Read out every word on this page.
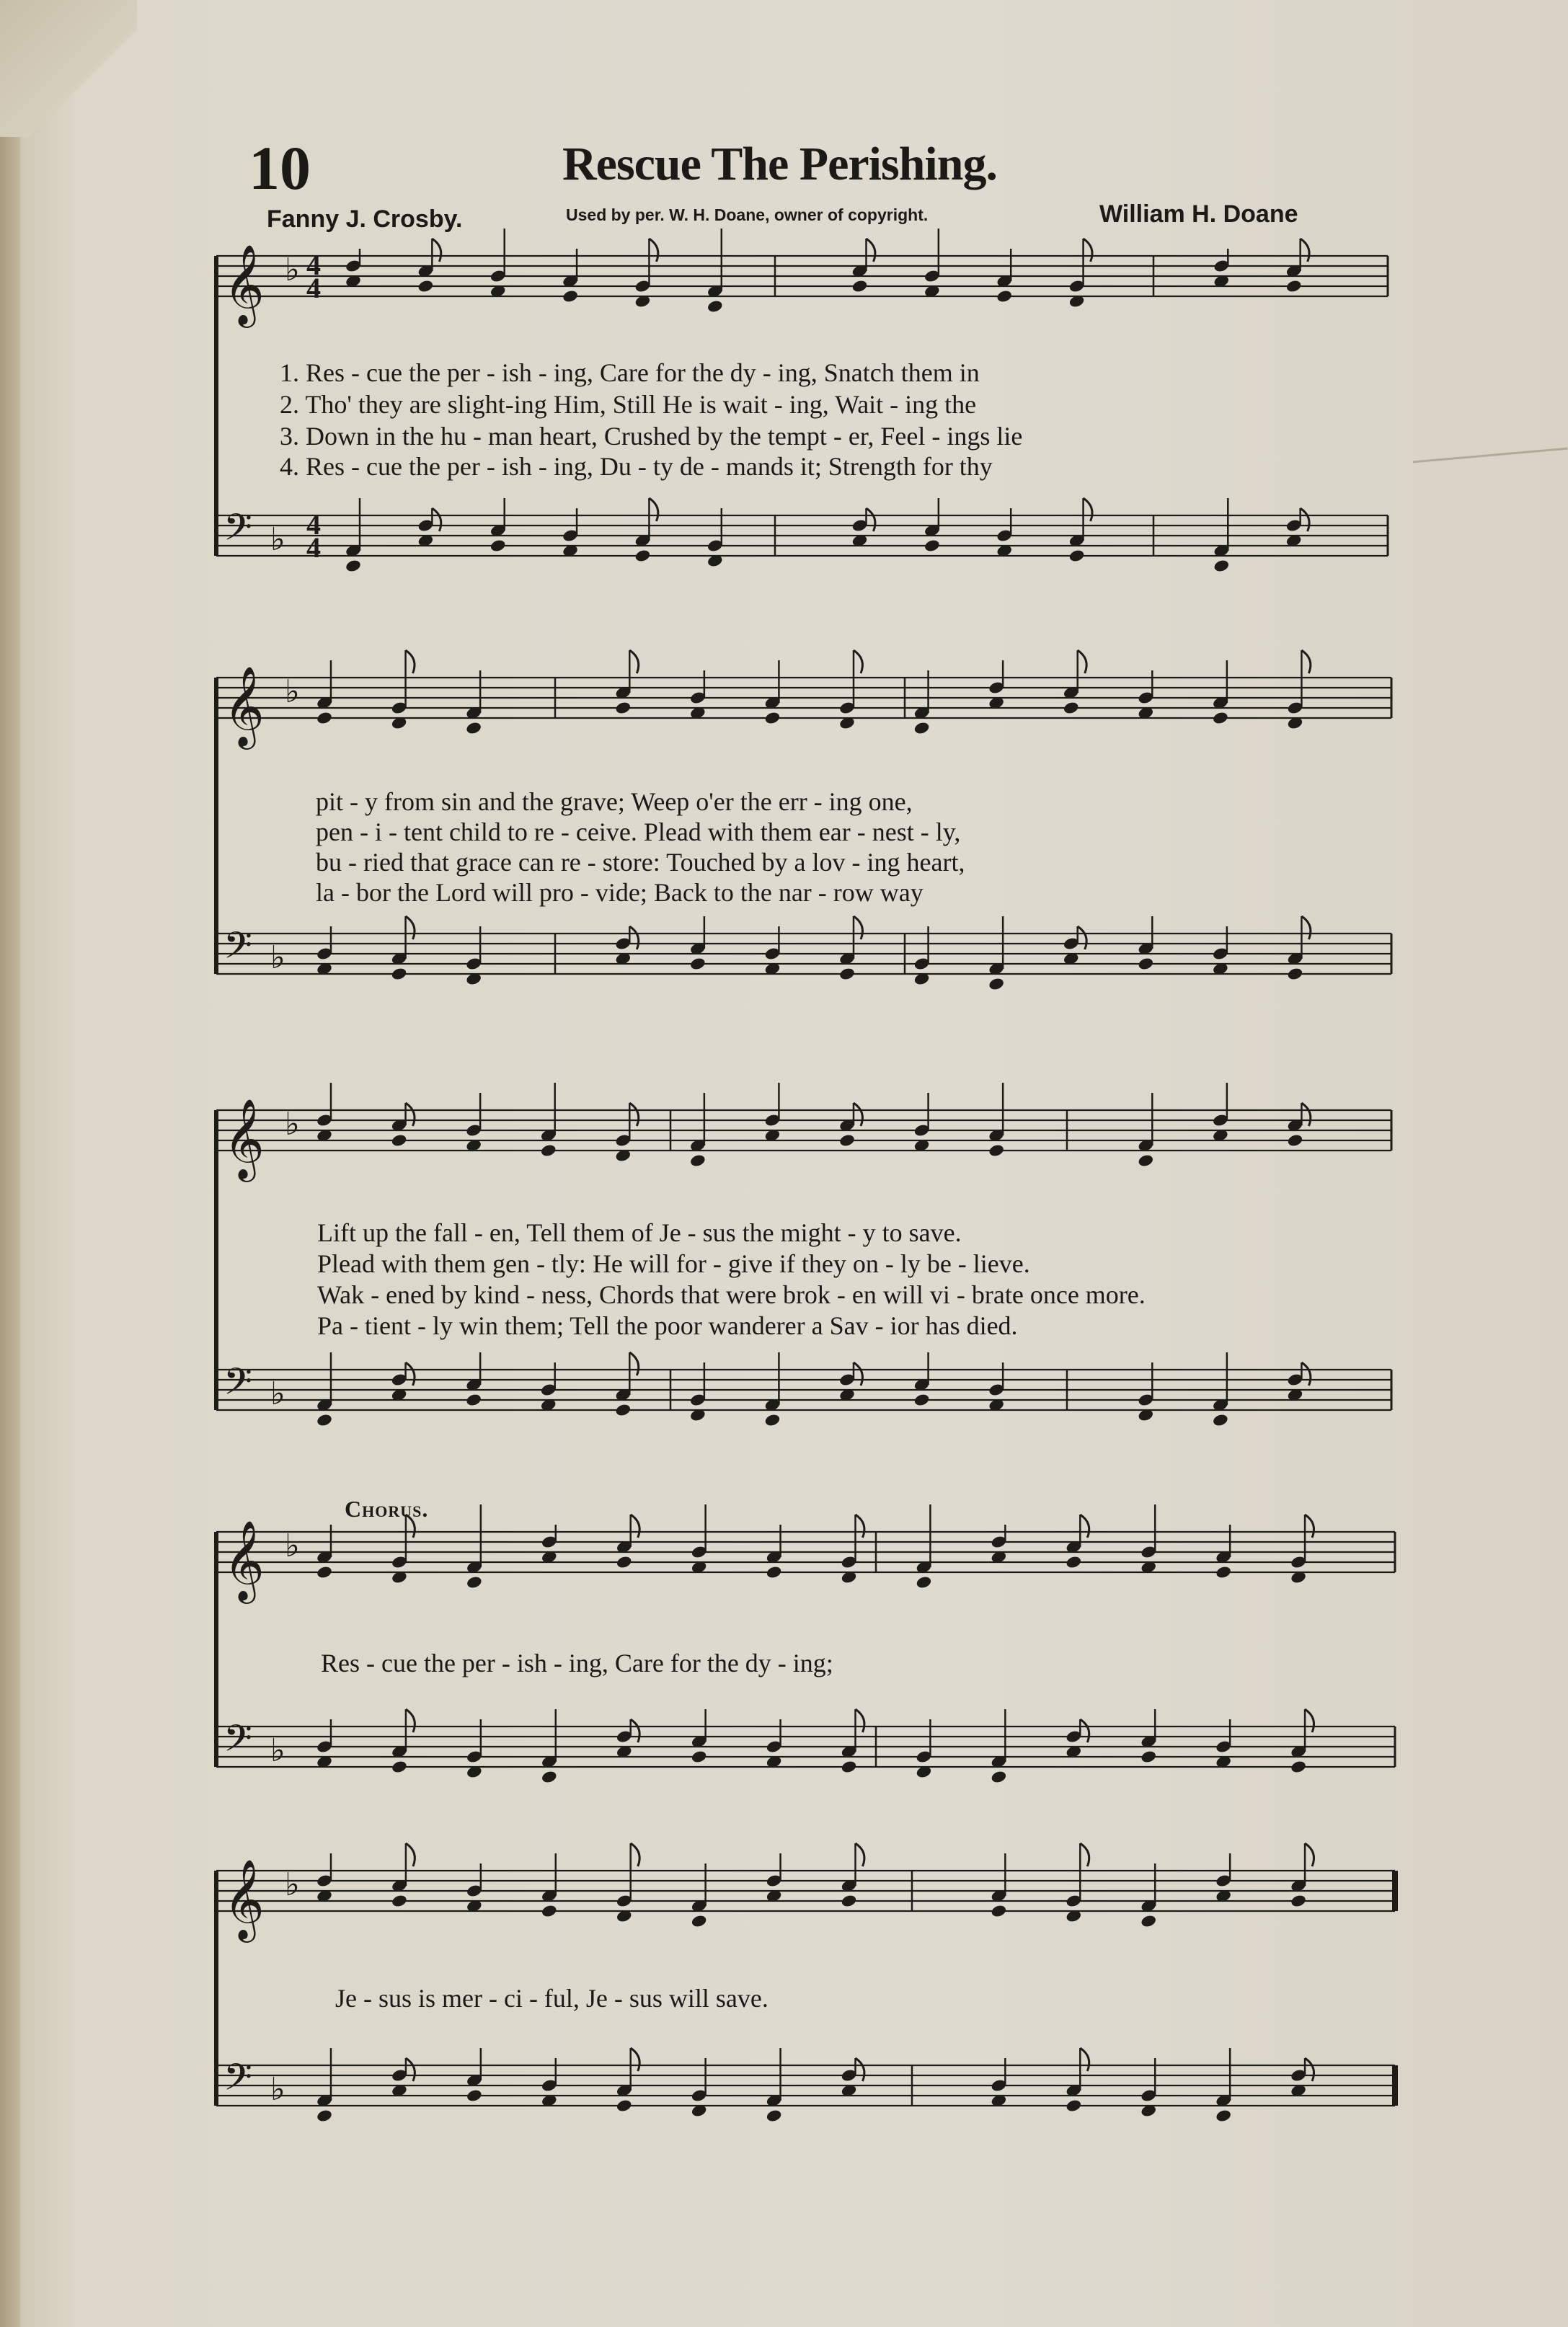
10	Rescue The Perishing.
Fanny J. Crosby.	Used by per. W. H. Doane, owner of copyright.	William H. Doane
𝄞 ♭ 4
4
𝄢 ♭ 4
4
𝄞 ♭
𝄢 ♭
𝄞 ♭
𝄢 ♭
𝄞 ♭
𝄢 ♭
𝄞 ♭
𝄢 ♭
Chorus.
1. Res - cue the per - ish - ing, Care for the dy - ing, Snatch them in
2. Tho' they are slight-ing Him, Still He is wait - ing, Wait - ing the
3. Down in the hu - man heart, Crushed by the tempt - er, Feel - ings lie
4. Res - cue the per - ish - ing, Du - ty de - mands it; Strength for thy
pit - y from sin and the grave; Weep o'er the err - ing one,
pen - i - tent child to re - ceive. Plead with them ear - nest - ly,
bu - ried that grace can re - store: Touched by a lov - ing heart,
la - bor the Lord will pro - vide; Back to the nar - row way
Lift up the fall - en, Tell them of Je - sus the might - y to save.
Plead with them gen - tly: He will for - give if they on - ly be - lieve.
Wak - ened by kind - ness, Chords that were brok - en will vi - brate once more.
Pa - tient - ly win them; Tell the poor wanderer a Sav - ior has died.
Res - cue the per - ish - ing, Care for the dy - ing;
Je - sus is mer - ci - ful, Je - sus will save.
